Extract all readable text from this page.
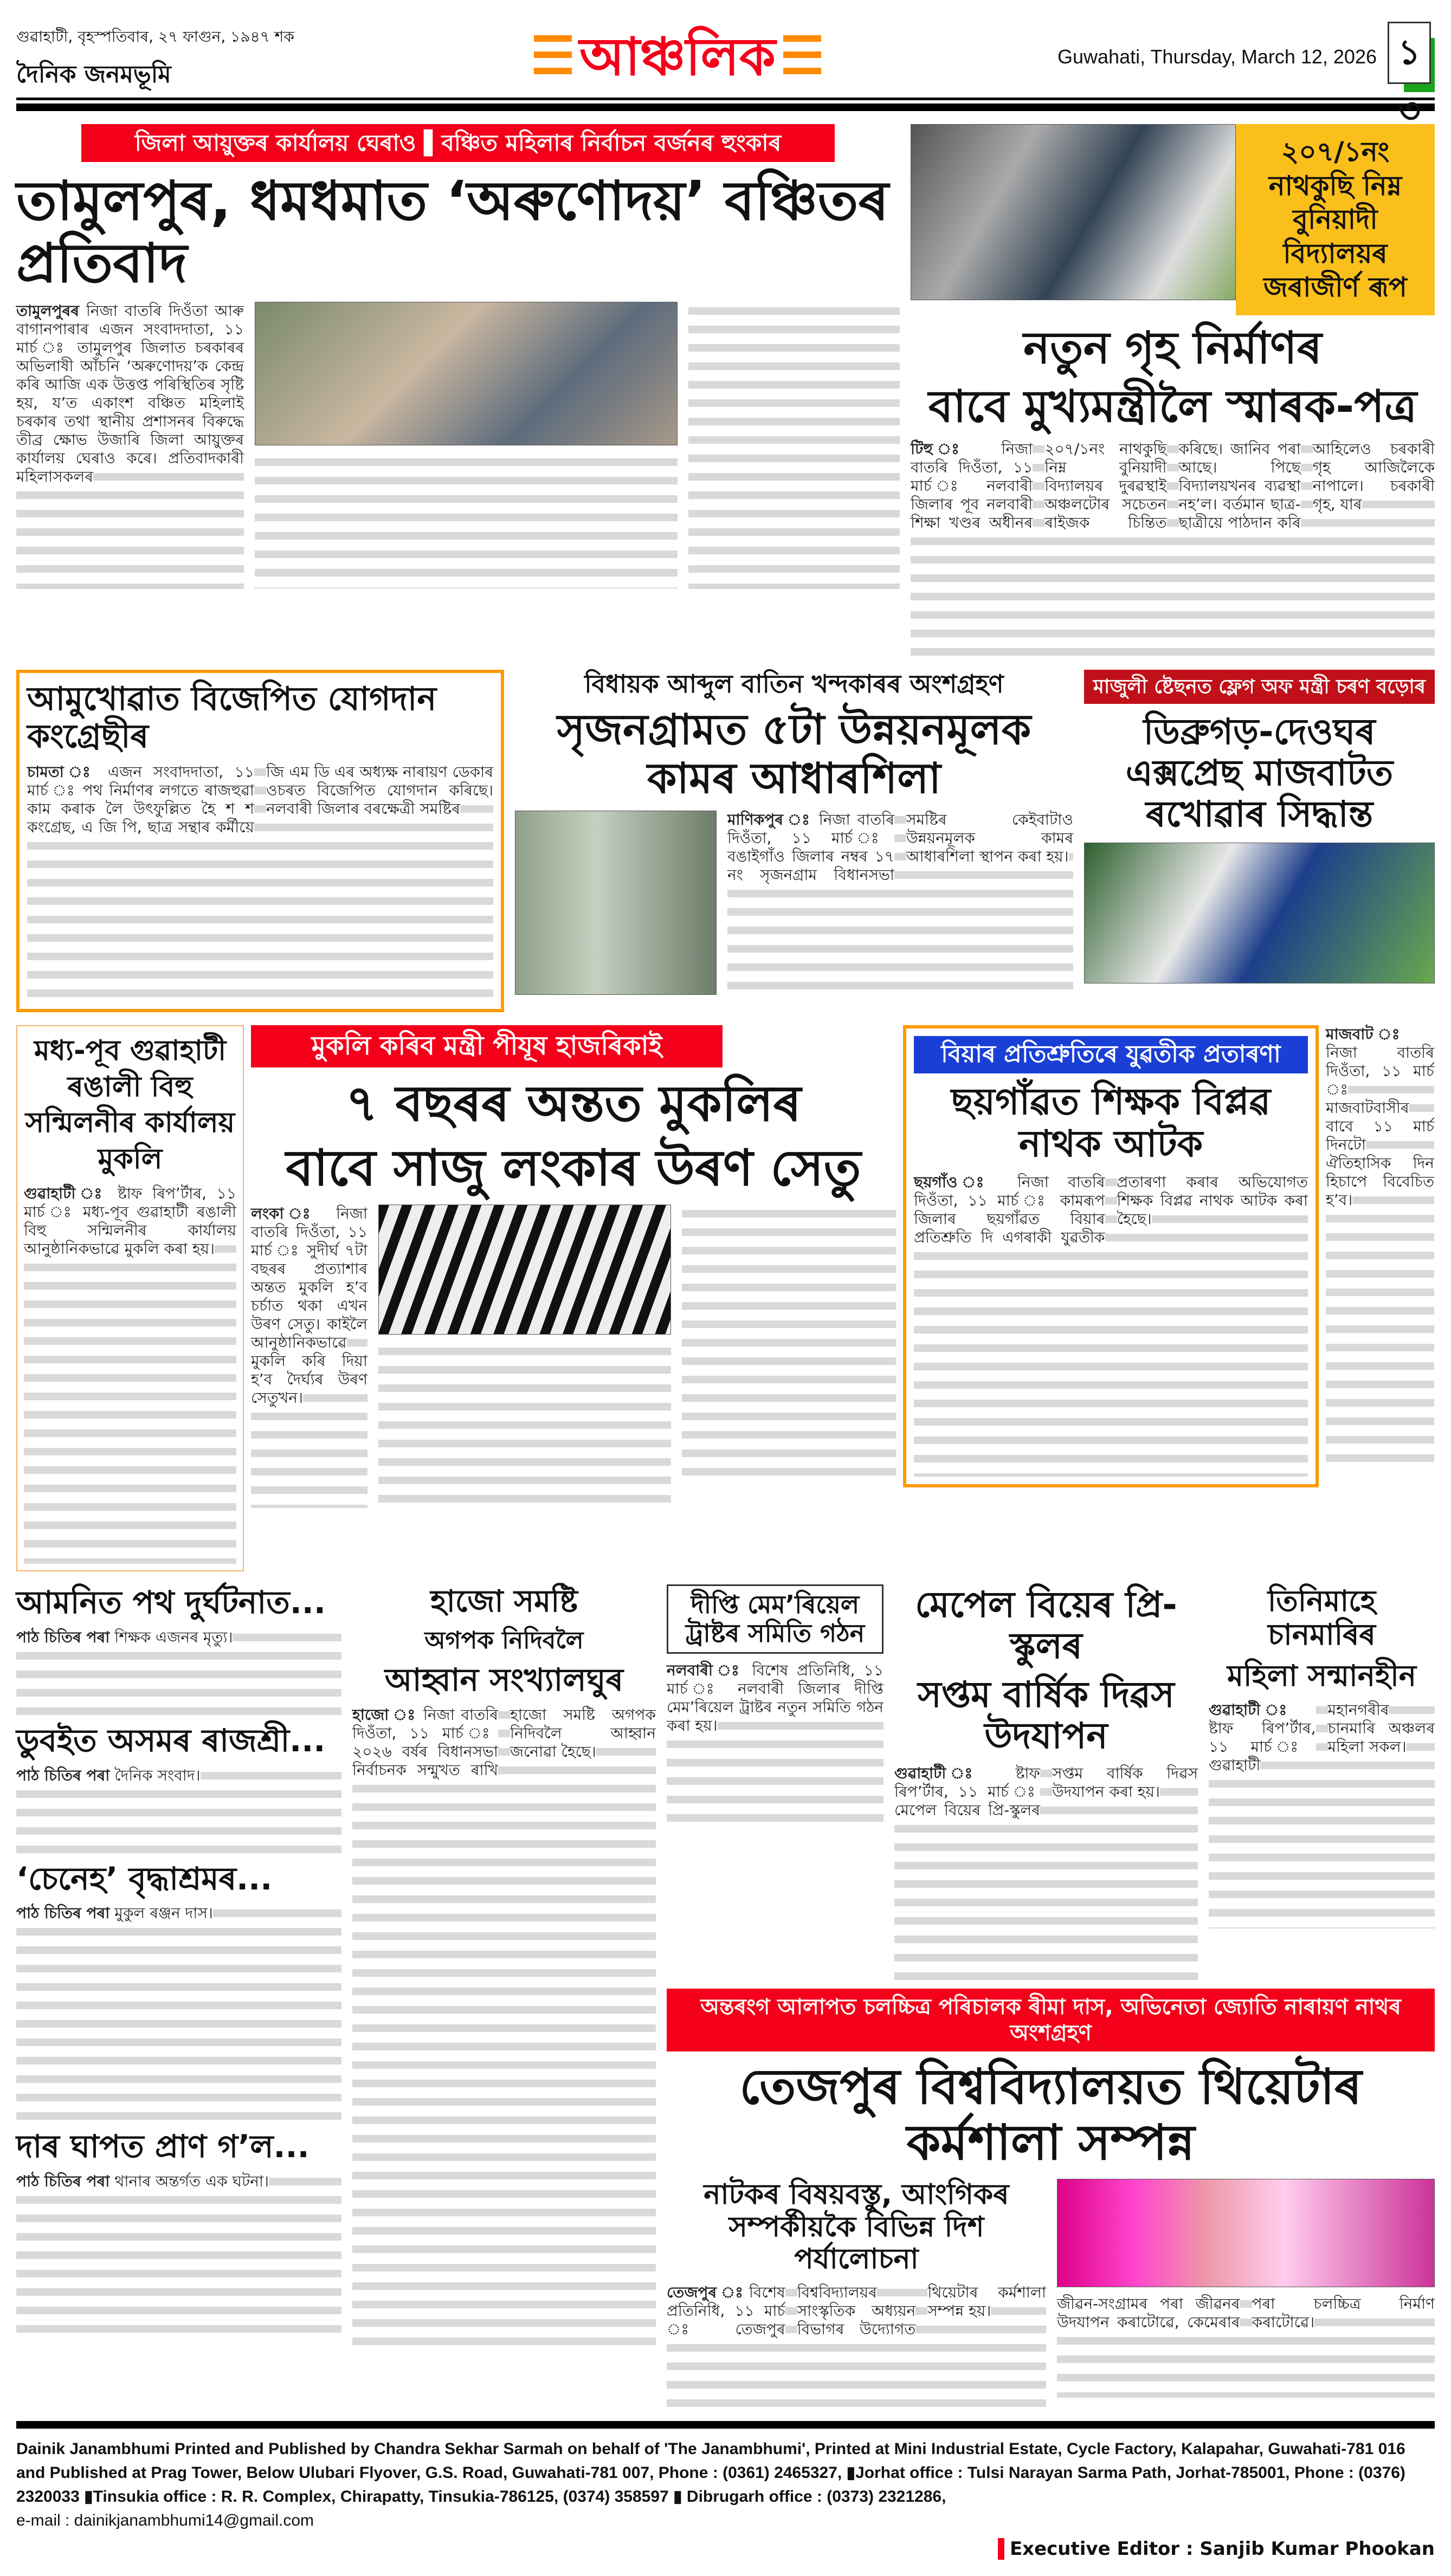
গুৱাহাটী, বৃহস্পতিবাৰ, ২৭ ফাগুন, ১৯৪৭ শক
দৈনিক জনমভূমি	আঞ্চলিক	Guwahati, Thursday, March 12, 2026 ১৩
জিলা আয়ুক্তৰ কাৰ্যালয় ঘেৰাও ▌বঞ্চিত মহিলাৰ নিৰ্বাচন বৰ্জনৰ হুংকাৰ
তামুলপুৰ, ধমধমাত ‘অৰুণোদয়’ বঞ্চিতৰ প্ৰতিবাদ
তামুলপুৰৰ নিজা বাতৰি দিওঁতা আৰু বাগানপাৰাৰ এজন সংবাদদাতা, ১১ মাৰ্চ ঃ তামুলপুৰ জিলাত চৰকাৰৰ অভিলাষী আঁচনি ‘অৰুণোদয়’ক কেন্দ্ৰ কৰি আজি এক উত্তপ্ত পৰিস্থিতিৰ সৃষ্টি হয়, য’ত একাংশ বঞ্চিত মহিলাই চৰকাৰ তথা স্থানীয় প্ৰশাসনৰ বিৰুদ্ধে তীব্ৰ ক্ষোভ উজাৰি জিলা আয়ুক্তৰ কাৰ্যালয় ঘেৰাও কৰে। প্ৰতিবাদকাৰী মহিলাসকলৰ
২০৭/১নং নাথকুছি নিম্ন বুনিয়াদী বিদ্যালয়ৰ জৰাজীৰ্ণ ৰূপ
নতুন গৃহ নিৰ্মাণৰ
বাবে মুখ্যমন্ত্ৰীলৈ স্মাৰক-পত্ৰ
টিহু ঃ নিজা বাতৰি দিওঁতা, ১১ মাৰ্চ ঃ নলবাৰী জিলাৰ পূব নলবাৰী শিক্ষা খণ্ডৰ অধীনৰ ২০৭/১নং নাথকুছি নিম্ন বুনিয়াদী বিদ্যালয়ৰ দুৰৱস্থাই অঞ্চলটোৰ সচেতন ৰাইজক চিন্তিত কৰিছে। জানিব পৰা আছে। পিছে বিদ্যালয়খনৰ ব্যৱস্থা নহ’ল। বৰ্তমান ছাত্ৰ-ছাত্ৰীয়ে পাঠদান কৰি আহিলেও চৰকাৰী গৃহ আজিলৈকে নাপালে। চৰকাৰী গৃহ, যাৰ
আমুখোৱাত বিজেপিত যোগদান কংগ্ৰেছীৰ
চামতা ঃ এজন সংবাদদাতা, ১১ মাৰ্চ ঃ পথ নিৰ্মাণৰ লগতে ৰাজহুৱা কাম কৰাক লৈ উৎফুল্লিত হৈ শ শ কংগ্ৰেছ, এ জি পি, ছাত্ৰ সন্থাৰ কৰ্মীয়ে জি এম ডি এৰ অধ্যক্ষ নাৰায়ণ ডেকাৰ ওচৰত বিজেপিত যোগদান কৰিছে। নলবাৰী জিলাৰ বৰক্ষেত্ৰী সমষ্টিৰ
বিধায়ক আব্দুল বাতিন খন্দকাৰৰ অংশগ্ৰহণ
সৃজনগ্ৰামত ৫টা উন্নয়নমূলক কামৰ আধাৰশিলা
মাণিকপুৰ ঃ নিজা বাতৰি দিওঁতা, ১১ মাৰ্চ ঃ বঙাইগাঁও জিলাৰ নম্বৰ ১৭ নং সৃজনগ্ৰাম বিধানসভা সমষ্টিৰ কেইবাটাও উন্নয়নমূলক কামৰ আধাৰশিলা স্থাপন কৰা হয়।
মাজুলী ষ্টেছনত ফ্লেগ অফ মন্ত্ৰী চৰণ বড়োৰ
ডিব্ৰুগড়-দেওঘৰ এক্সপ্ৰেছ মাজবাটত ৰখোৱাৰ সিদ্ধান্ত
মধ্য-পূব গুৱাহাটী ৰঙালী বিহু সন্মিলনীৰ কাৰ্যালয় মুকলি
গুৱাহাটী ঃ ষ্টাফ ৰিপ’ৰ্টাৰ, ১১ মাৰ্চ ঃ মধ্য-পূব গুৱাহাটী ৰঙালী বিহু সন্মিলনীৰ কাৰ্যালয় আনুষ্ঠানিকভাৱে মুকলি কৰা হয়।
মুকলি কৰিব মন্ত্ৰী পীযূষ হাজৰিকাই
৭ বছৰৰ অন্তত মুকলিৰ
বাবে সাজু লংকাৰ উৰণ সেতু
লংকা ঃ নিজা বাতৰি দিওঁতা, ১১ মাৰ্চ ঃ সুদীৰ্ঘ ৭টা বছৰৰ প্ৰত্যাশাৰ অন্তত মুকলি হ’ব চৰ্চাত থকা এখন উৰণ সেতু। কাইলৈ আনুষ্ঠানিকভাৱে মুকলি কৰি দিয়া হ’ব দৈৰ্ঘ্যৰ উৰণ সেতুখন।
বিয়াৰ প্ৰতিশ্ৰুতিৰে যুৱতীক প্ৰতাৰণা
ছয়গাঁৱত শিক্ষক বিপ্লৱ নাথক আটক
ছয়গাঁও ঃ নিজা বাতৰি দিওঁতা, ১১ মাৰ্চ ঃ কামৰূপ জিলাৰ ছয়গাঁৱত বিয়াৰ প্ৰতিশ্ৰুতি দি এগৰাকী যুৱতীক প্ৰতাৰণা কৰাৰ অভিযোগত শিক্ষক বিপ্লৱ নাথক আটক কৰা হৈছে।
মাজবাট ঃ নিজা বাতৰি দিওঁতা, ১১ মাৰ্চ ঃ মাজবাটবাসীৰ বাবে ১১ মাৰ্চ দিনটো ঐতিহাসিক দিন হিচাপে বিবেচিত হ’ব।
আমনিত পথ দুৰ্ঘটনাত...
পাঠ চিতিৰ পৰা শিক্ষক এজনৰ মৃত্যু।
ডুবইত অসমৰ ৰাজশ্ৰী...
পাঠ চিতিৰ পৰা দৈনিক সংবাদ।
‘চেনেহ’ বৃদ্ধাশ্ৰমৰ...
পাঠ চিতিৰ পৰা মুকুল ৰঞ্জন দাস।
দাৰ ঘাপত প্ৰাণ গ’ল...
পাঠ চিতিৰ পৰা থানাৰ অন্তৰ্গত এক ঘটনা।
হাজো সমষ্টি
অগপক নিদিবলৈ
আহ্বান সংখ্যালঘুৰ
হাজো ঃ নিজা বাতৰি দিওঁতা, ১১ মাৰ্চ ঃ ২০২৬ বৰ্ষৰ বিধানসভা নিৰ্বাচনক সন্মুখত ৰাখি হাজো সমষ্টি অগপক নিদিবলৈ আহ্বান জনোৱা হৈছে।
দীপ্তি মেম’ৰিয়েল ট্ৰাষ্টৰ সমিতি গঠন
নলবাৰী ঃ বিশেষ প্ৰতিনিধি, ১১ মাৰ্চ ঃ নলবাৰী জিলাৰ দীপ্তি মেম’ৰিয়েল ট্ৰাষ্টৰ নতুন সমিতি গঠন কৰা হয়।
মেপেল বিয়েৰ প্ৰি-স্কুলৰ
সপ্তম বাৰ্ষিক দিৱস উদযাপন
গুৱাহাটী ঃ ষ্টাফ ৰিপ’ৰ্টাৰ, ১১ মাৰ্চ ঃ মেপেল বিয়েৰ প্ৰি-স্কুলৰ সপ্তম বাৰ্ষিক দিৱস উদযাপন কৰা হয়।
তিনিমাহে চানমাৰিৰ
মহিলা সন্মানহীন
গুৱাহাটী ঃ ষ্টাফ ৰিপ’ৰ্টাৰ, ১১ মাৰ্চ ঃ গুৱাহাটী মহানগৰীৰ চানমাৰি অঞ্চলৰ মহিলা সকল।
অন্তৰংগ আলাপত চলচ্চিত্ৰ পৰিচালক ৰীমা দাস, অভিনেতা জ্যোতি নাৰায়ণ নাথৰ অংশগ্ৰহণ
তেজপুৰ বিশ্ববিদ্যালয়ত থিয়েটাৰ কৰ্মশালা সম্পন্ন
নাটকৰ বিষয়বস্তু, আংগিকৰ সম্পৰ্কীয়কৈ বিভিন্ন দিশ পৰ্যালোচনা
তেজপুৰ ঃ বিশেষ প্ৰতিনিধি, ১১ মাৰ্চ ঃ তেজপুৰ বিশ্ববিদ্যালয়ৰ সাংস্কৃতিক অধ্যয়ন বিভাগৰ উদ্যোগত থিয়েটাৰ কৰ্মশালা সম্পন্ন হয়।	জীৱন-সংগ্ৰামৰ পৰা জীৱনৰ উদযাপন কৰাটোৱে, কেমেৰাৰ পৰা চলচ্চিত্ৰ নিৰ্মাণ কৰাটোৱে।
Dainik Janambhumi Printed and Published by Chandra Sekhar Sarmah on behalf of 'The Janambhumi', Printed at Mini Industrial Estate, Cycle Factory, Kalapahar, Guwahati-781 016 and Published at Prag Tower, Below Ulubari Flyover, G.S. Road, Guwahati-781 007, Phone : (0361) 2465327, ▮Jorhat office : Tulsi Narayan Sarma Path, Jorhat-785001, Phone : (0376) 2320033 ▮Tinsukia office : R. R. Complex, Chirapatty, Tinsukia-786125, (0374) 358597 ▮ Dibrugarh office : (0373) 2321286,
e-mail : dainikjanambhumi14@gmail.com
Executive Editor : Sanjib Kumar Phookan
